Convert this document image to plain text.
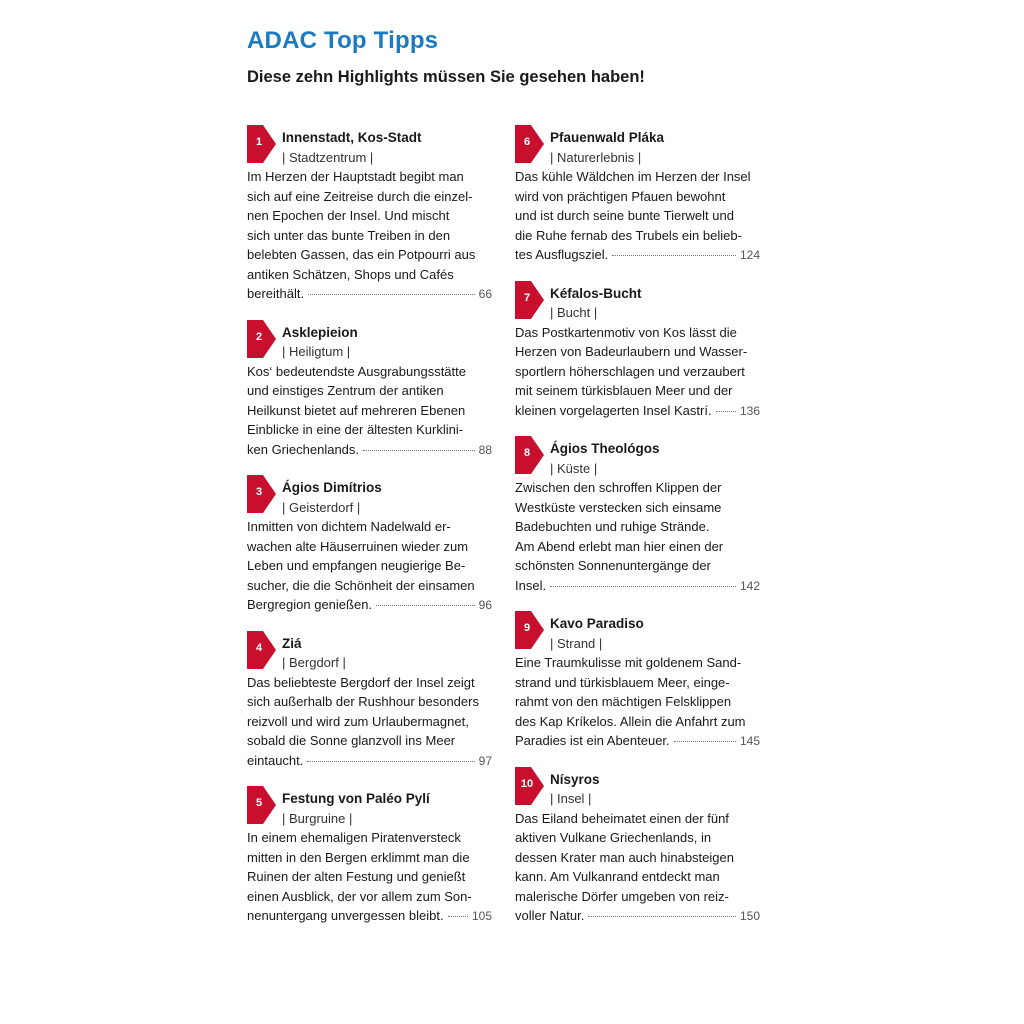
ADAC Top Tipps
Diese zehn Highlights müssen Sie gesehen haben!
1	Innenstadt, Kos-Stadt
| Stadtzentrum |
Im Herzen der Hauptstadt begibt man
sich auf eine Zeitreise durch die einzel-
nen Epochen der Insel. Und mischt
sich unter das bunte Treiben in den
belebten Gassen, das ein Potpourri aus
antiken Schätzen, Shops und Cafés
bereithält.	66
2	Asklepieion
| Heiligtum |
Kos‘ bedeutendste Ausgrabungsstätte
und einstiges Zentrum der antiken
Heilkunst bietet auf mehreren Ebenen
Einblicke in eine der ältesten Kurklini-
ken Griechenlands.	88
3	Ágios Dimítrios
| Geisterdorf |
Inmitten von dichtem Nadelwald er-
wachen alte Häuserruinen wieder zum
Leben und empfangen neugierige Be-
sucher, die die Schönheit der einsamen
Bergregion genießen.	96
4	Ziá
| Bergdorf |
Das beliebteste Bergdorf der Insel zeigt
sich außerhalb der Rushhour besonders
reizvoll und wird zum Urlaubermagnet,
sobald die Sonne glanzvoll ins Meer
eintaucht.	97
5	Festung von Paléo Pylí
| Burgruine |
In einem ehemaligen Piratenversteck
mitten in den Bergen erklimmt man die
Ruinen der alten Festung und genießt
einen Ausblick, der vor allem zum Son-
nenuntergang unvergessen bleibt. 105
6	Pfauenwald Pláka
| Naturerlebnis |
Das kühle Wäldchen im Herzen der Insel
wird von prächtigen Pfauen bewohnt
und ist durch seine bunte Tierwelt und
die Ruhe fernab des Trubels ein belieb-
tes Ausflugsziel.	124
7	Kéfalos-Bucht
| Bucht |
Das Postkartenmotiv von Kos lässt die
Herzen von Badeurlaubern und Wasser-
sportlern höherschlagen und verzaubert
mit seinem türkisblauen Meer und der
kleinen vorgelagerten Insel Kastrí. 136
8	Ágios Theológos
| Küste |
Zwischen den schroffen Klippen der
Westküste verstecken sich einsame
Badebuchten und ruhige Strände.
Am Abend erlebt man hier einen der
schönsten Sonnenuntergänge der
Insel.	142
9	Kavo Paradiso
| Strand |
Eine Traumkulisse mit goldenem Sand-
strand und türkisblauem Meer, einge-
rahmt von den mächtigen Felsklippen
des Kap Kríkelos. Allein die Anfahrt zum
Paradies ist ein Abenteuer.	145
10	Nísyros
| Insel |
Das Eiland beheimatet einen der fünf
aktiven Vulkane Griechenlands, in
dessen Krater man auch hinabsteigen
kann. Am Vulkanrand entdeckt man
malerische Dörfer umgeben von reiz-
voller Natur.	150
